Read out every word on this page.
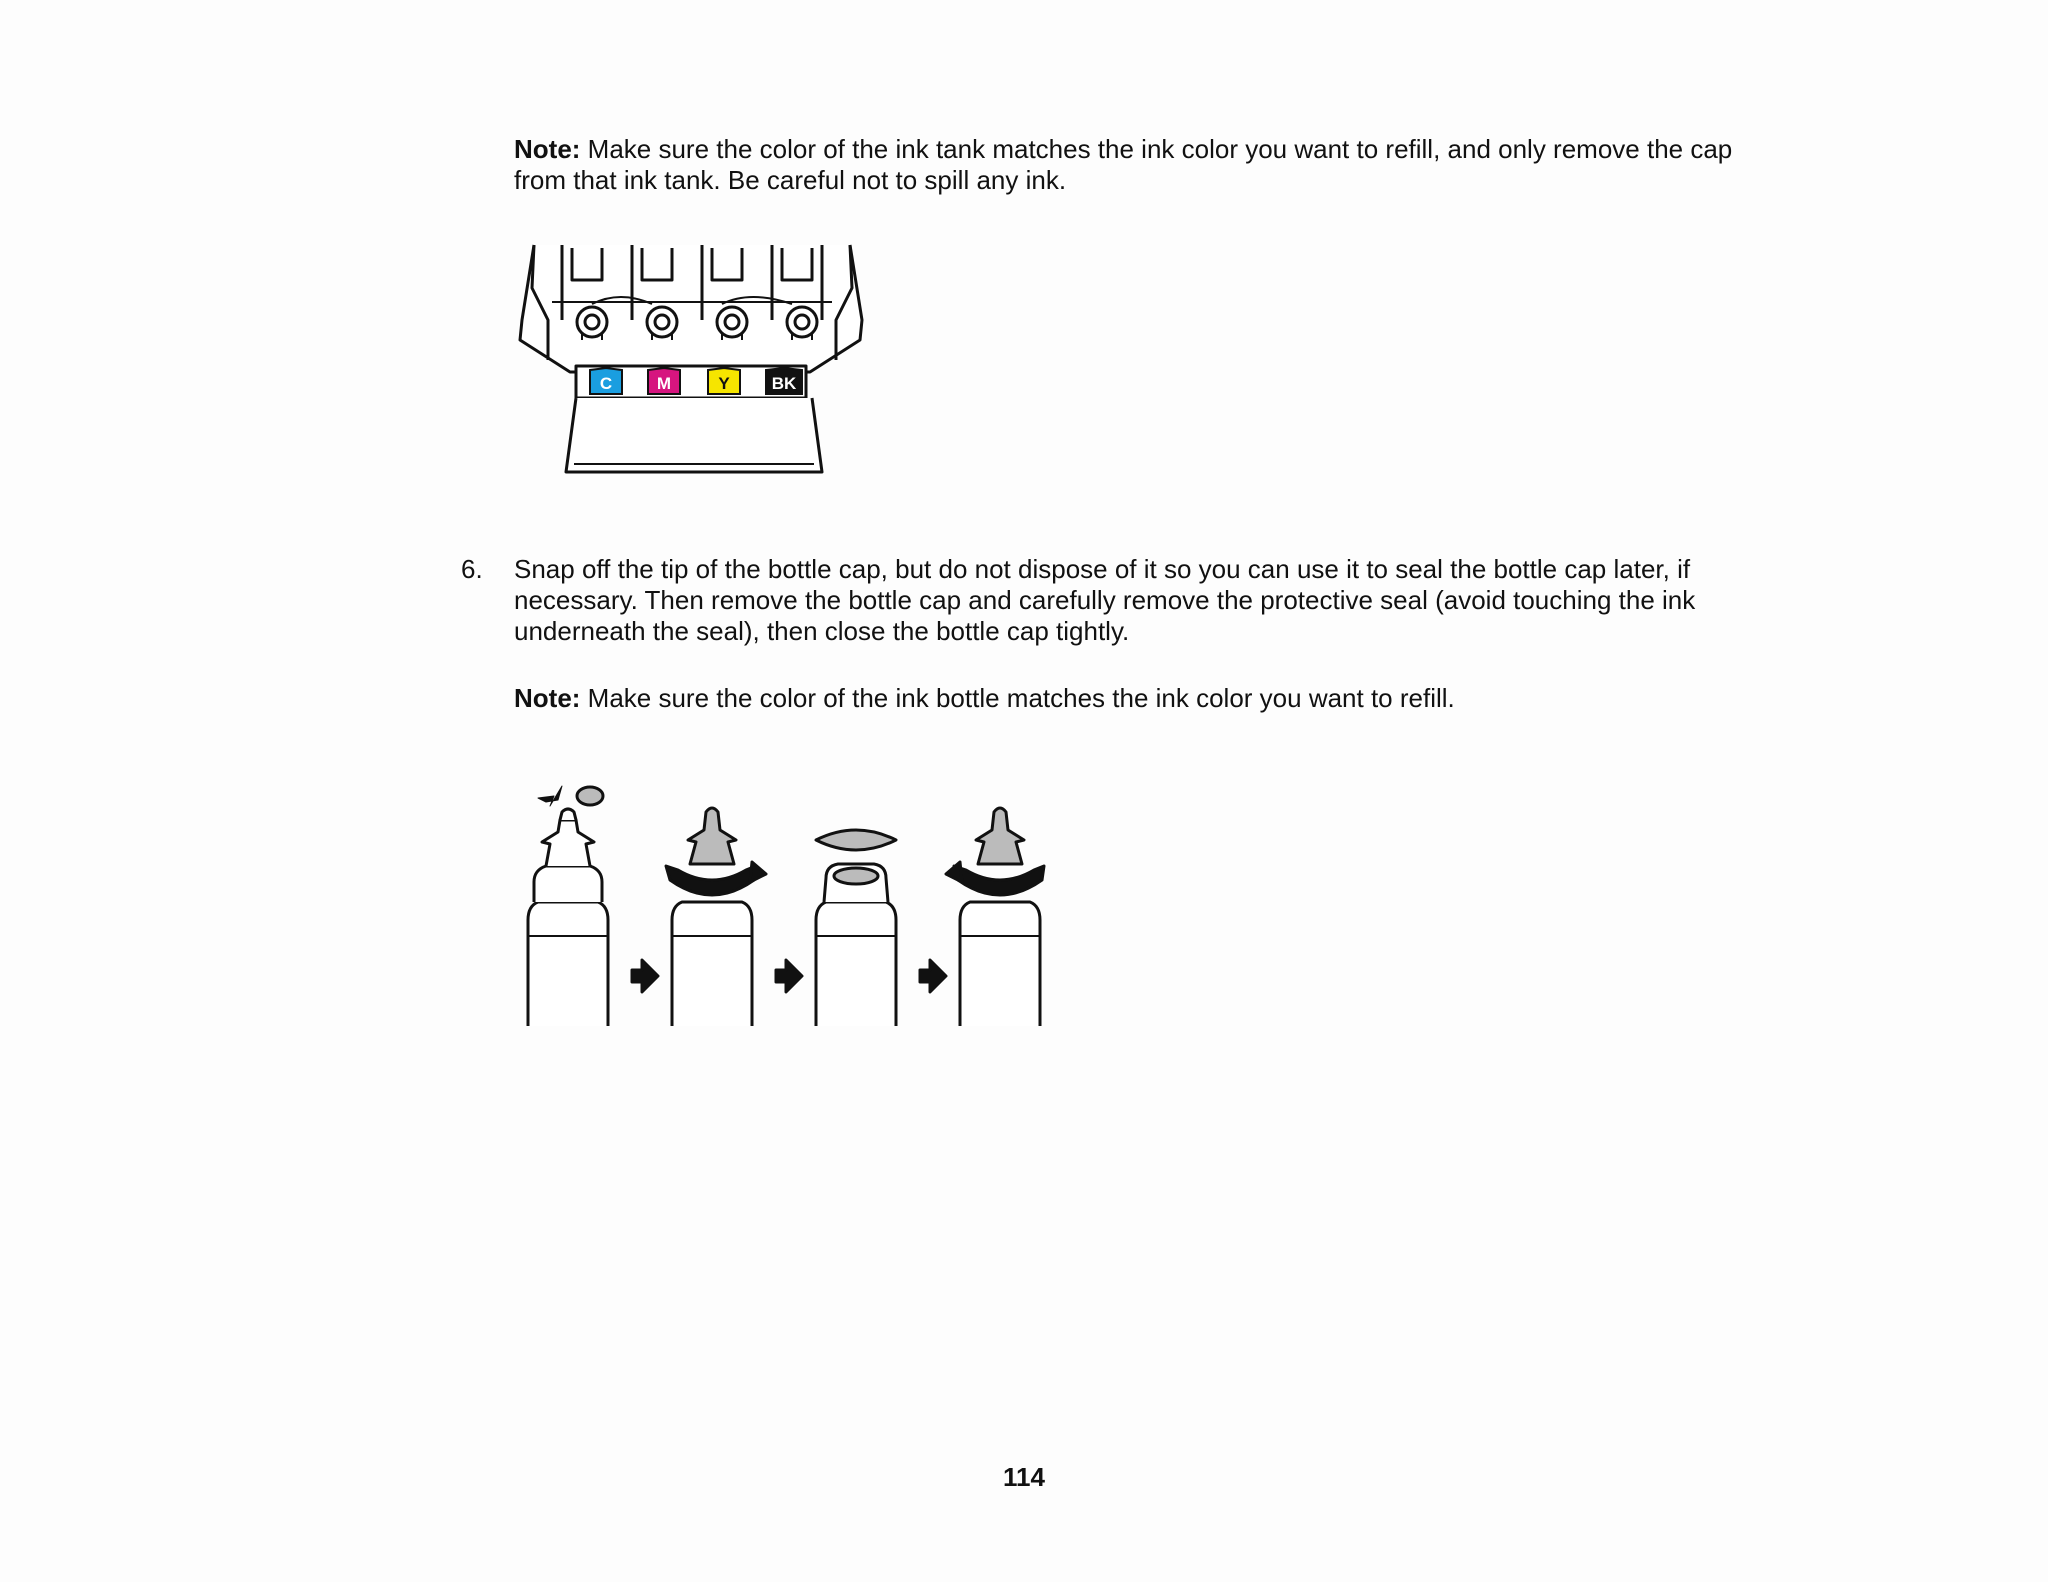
Note: Make sure the color of the ink tank matches the ink color you want to refill, and only remove the cap from that ink tank. Be careful not to spill any ink.

C	M	Y BK
6. Snap off the tip of the bottle cap, but do not dispose of it so you can use it to seal the bottle cap later, if necessary. Then remove the bottle cap and carefully remove the protective seal (avoid touching the ink underneath the seal), then close the bottle cap tightly.

Note: Make sure the color of the ink bottle matches the ink color you want to refill.

114
